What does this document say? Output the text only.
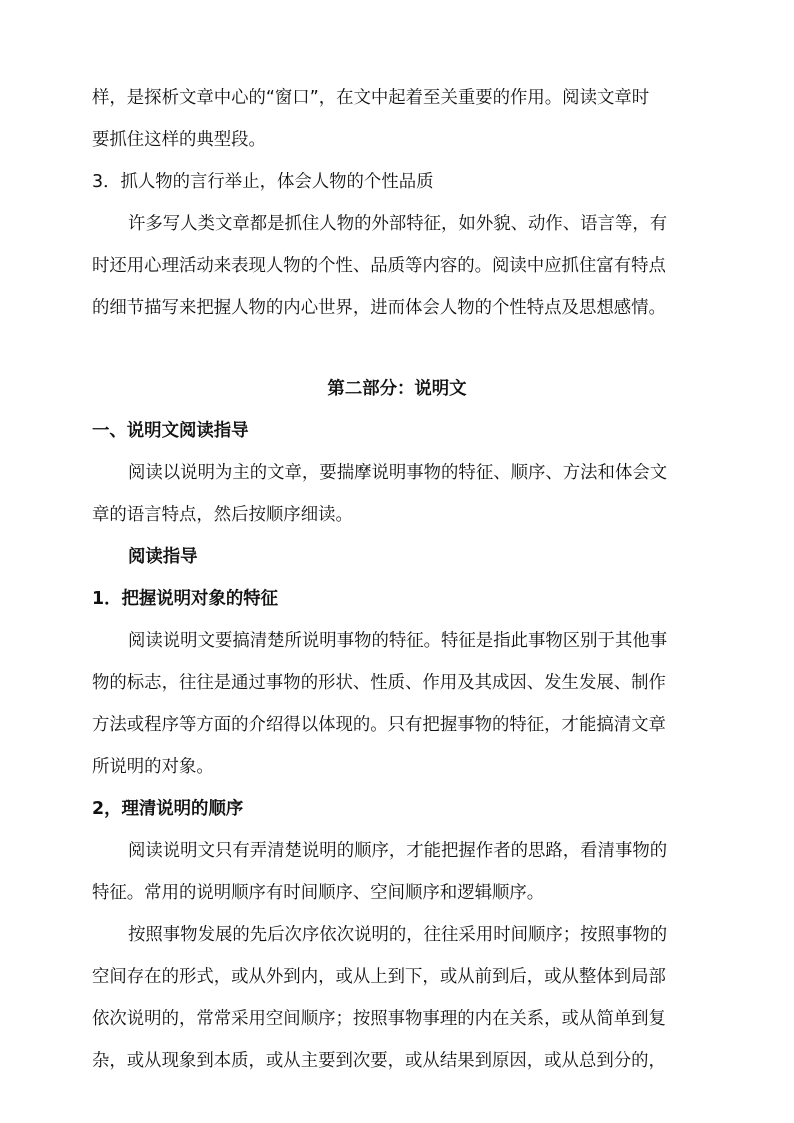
样，是探析文章中心的“窗口”，在文中起着至关重要的作用。阅读文章时
要抓住这样的典型段。
3．抓人物的言行举止，体会人物的个性品质
许多写人类文章都是抓住人物的外部特征，如外貌、动作、语言等，有
时还用心理活动来表现人物的个性、品质等内容的。阅读中应抓住富有特点
的细节描写来把握人物的内心世界，进而体会人物的个性特点及思想感情。
第二部分：说明文
一、说明文阅读指导
阅读以说明为主的文章，要揣摩说明事物的特征、顺序、方法和体会文
章的语言特点，然后按顺序细读。
阅读指导
1．把握说明对象的特征
阅读说明文要搞清楚所说明事物的特征。特征是指此事物区别于其他事
物的标志，往往是通过事物的形状、性质、作用及其成因、发生发展、制作
方法或程序等方面的介绍得以体现的。只有把握事物的特征，才能搞清文章
所说明的对象。
2，理清说明的顺序
阅读说明文只有弄清楚说明的顺序，才能把握作者的思路，看清事物的
特征。常用的说明顺序有时间顺序、空间顺序和逻辑顺序。
按照事物发展的先后次序依次说明的，往往采用时间顺序；按照事物的
空间存在的形式，或从外到内，或从上到下，或从前到后，或从整体到局部
依次说明的，常常采用空间顺序；按照事物事理的内在关系，或从简单到复
杂，或从现象到本质，或从主要到次要，或从结果到原因，或从总到分的，
